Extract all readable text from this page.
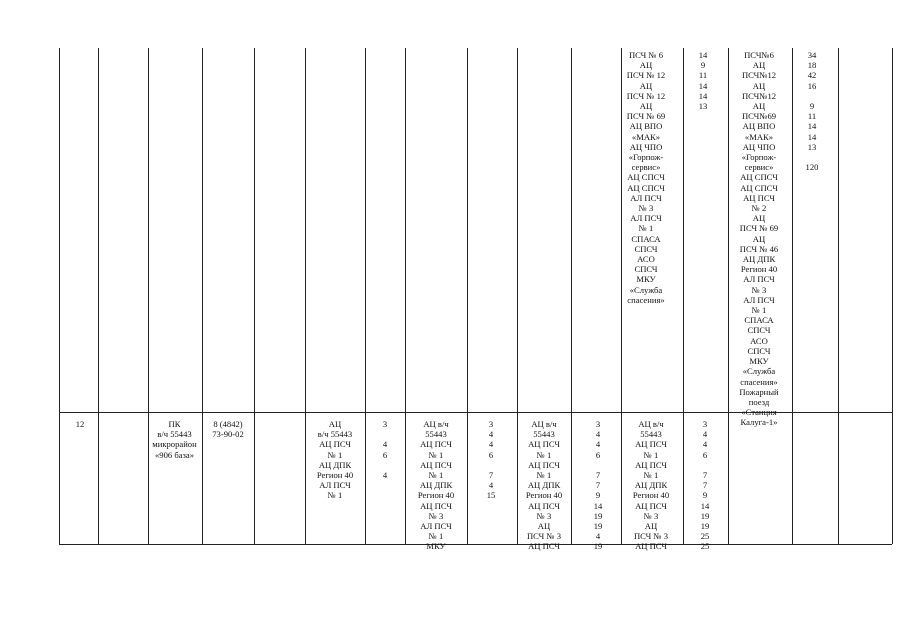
ПСЧ № 6
АЦ
ПСЧ № 12
АЦ
ПСЧ № 12
АЦ
ПСЧ № 69
АЦ ВПО
«МАК»
АЦ ЧПО
«Горпож-
сервис»
АЦ СПСЧ
АЦ СПСЧ
АЛ ПСЧ
№ 3
АЛ ПСЧ
№ 1
СПАСА
СПСЧ
АСО
СПСЧ
МКУ
«Служба
спасения»
14
9
11
14
14
13
ПСЧ№6
АЦ
ПСЧ№12
АЦ
ПСЧ№12
АЦ
ПСЧ№69
АЦ ВПО
«МАК»
АЦ ЧПО
«Горпож-
сервис»
АЦ СПСЧ
АЦ СПСЧ
АЦ ПСЧ
№ 2
АЦ
ПСЧ № 69
АЦ
ПСЧ № 46
АЦ ДПК
Регион 40
АЛ ПСЧ
№ 3
АЛ ПСЧ
№ 1
СПАСА
СПСЧ
АСО
СПСЧ
МКУ
«Служба
спасения»
Пожарный
поезд
«Станция
Калуга-1»
34
18
42
16

9
11
14
14
13

120
12	ПК
в/ч 55443
микрорайон
«906 база»
8 (4842)
73-90-02
АЦ
в/ч 55443
АЦ ПСЧ
№ 1
АЦ ДПК
Регион 40
АЛ ПСЧ
№ 1
3

4
6

4
АЦ в/ч
55443
АЦ ПСЧ
№ 1
АЦ ПСЧ
№ 1
АЦ ДПК
Регион 40
АЦ ПСЧ
№ 3
АЛ ПСЧ
№ 1
МКУ
3
4
4
6

7
4
15
АЦ в/ч
55443
АЦ ПСЧ
№ 1
АЦ ПСЧ
№ 1
АЦ ДПК
Регион 40
АЦ ПСЧ
№ 3
АЦ
ПСЧ № 3
АЦ ПСЧ
3
4
4
6

7
7
9
14
19
19
4
19
АЦ в/ч
55443
АЦ ПСЧ
№ 1
АЦ ПСЧ
№ 1
АЦ ДПК
Регион 40
АЦ ПСЧ
№ 3
АЦ
ПСЧ № 3
АЦ ПСЧ
3
4
4
6

7
7
9
14
19
19
25
25
